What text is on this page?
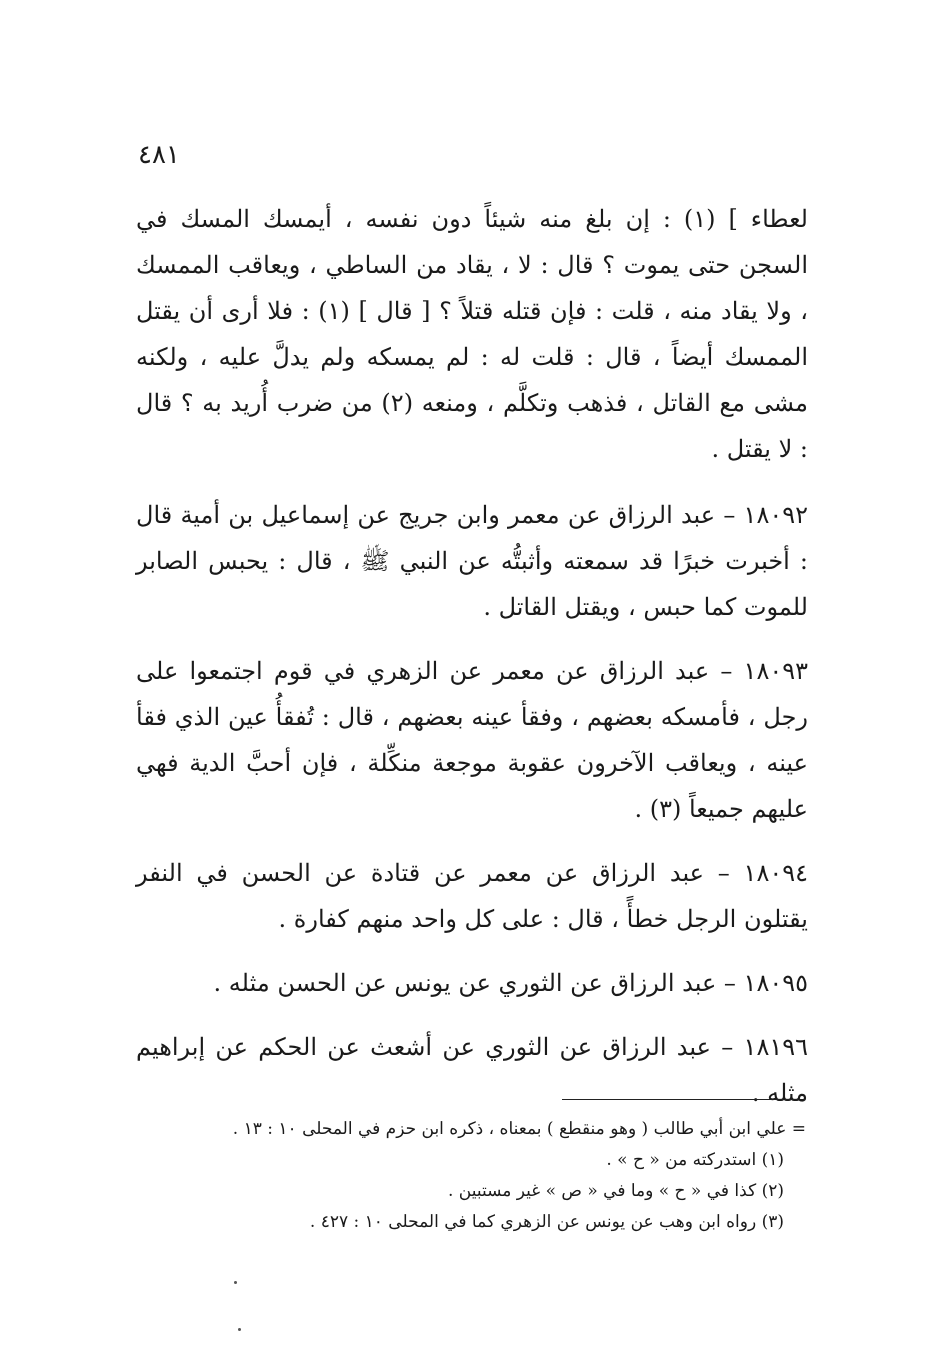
٤٨١

لعطاء ] (١) : إن بلغ منه شيئاً دون نفسه ، أيمسك المسك في السجن حتى يموت ؟ قال : لا ، يقاد من الساطي ، ويعاقب الممسك ، ولا يقاد منه ، قلت : فإن قتله قتلاً ؟ [ قال ] (١) : فلا أرى أن يقتل الممسك أيضاً ، قال : قلت له : لم يمسكه ولم يدلَّ عليه ، ولكنه مشى مع القاتل ، فذهب وتكلَّم ، ومنعه (٢) من ضرب أُريد به ؟ قال : لا يقتل .

١٨٠٩٢ – عبد الرزاق عن معمر وابن جريج عن إسماعيل بن أمية قال : أخبرت خبرًا قد سمعته وأثبتُّه عن النبي ﷺ ، قال : يحبس الصابر للموت كما حبس ، ويقتل القاتل .

١٨٠٩٣ – عبد الرزاق عن معمر عن الزهري في قوم اجتمعوا على رجل ، فأمسكه بعضهم ، وفقأ عينه بعضهم ، قال : تُفقأُ عين الذي فقأ عينه ، ويعاقب الآخرون عقوبة موجعة منكِّلة ، فإن أحبَّ الدية فهي عليهم جميعاً (٣) .

١٨٠٩٤ – عبد الرزاق عن معمر عن قتادة عن الحسن في النفر يقتلون الرجل خطأً ، قال : على كل واحد منهم كفارة .

١٨٠٩٥ – عبد الرزاق عن الثوري عن يونس عن الحسن مثله .

١٨١٩٦ – عبد الرزاق عن الثوري عن أشعث عن الحكم عن إبراهيم مثله .

= علي ابن أبي طالب ( وهو منقطع ) بمعناه ، ذكره ابن حزم في المحلى ١٠ : ١٣ .

(١) استدركته من « ح » .

(٢) كذا في « ح » وما في « ص » غير مستبين .

(٣) رواه ابن وهب عن يونس عن الزهري كما في المحلى ١٠ : ٤٢٧ .
